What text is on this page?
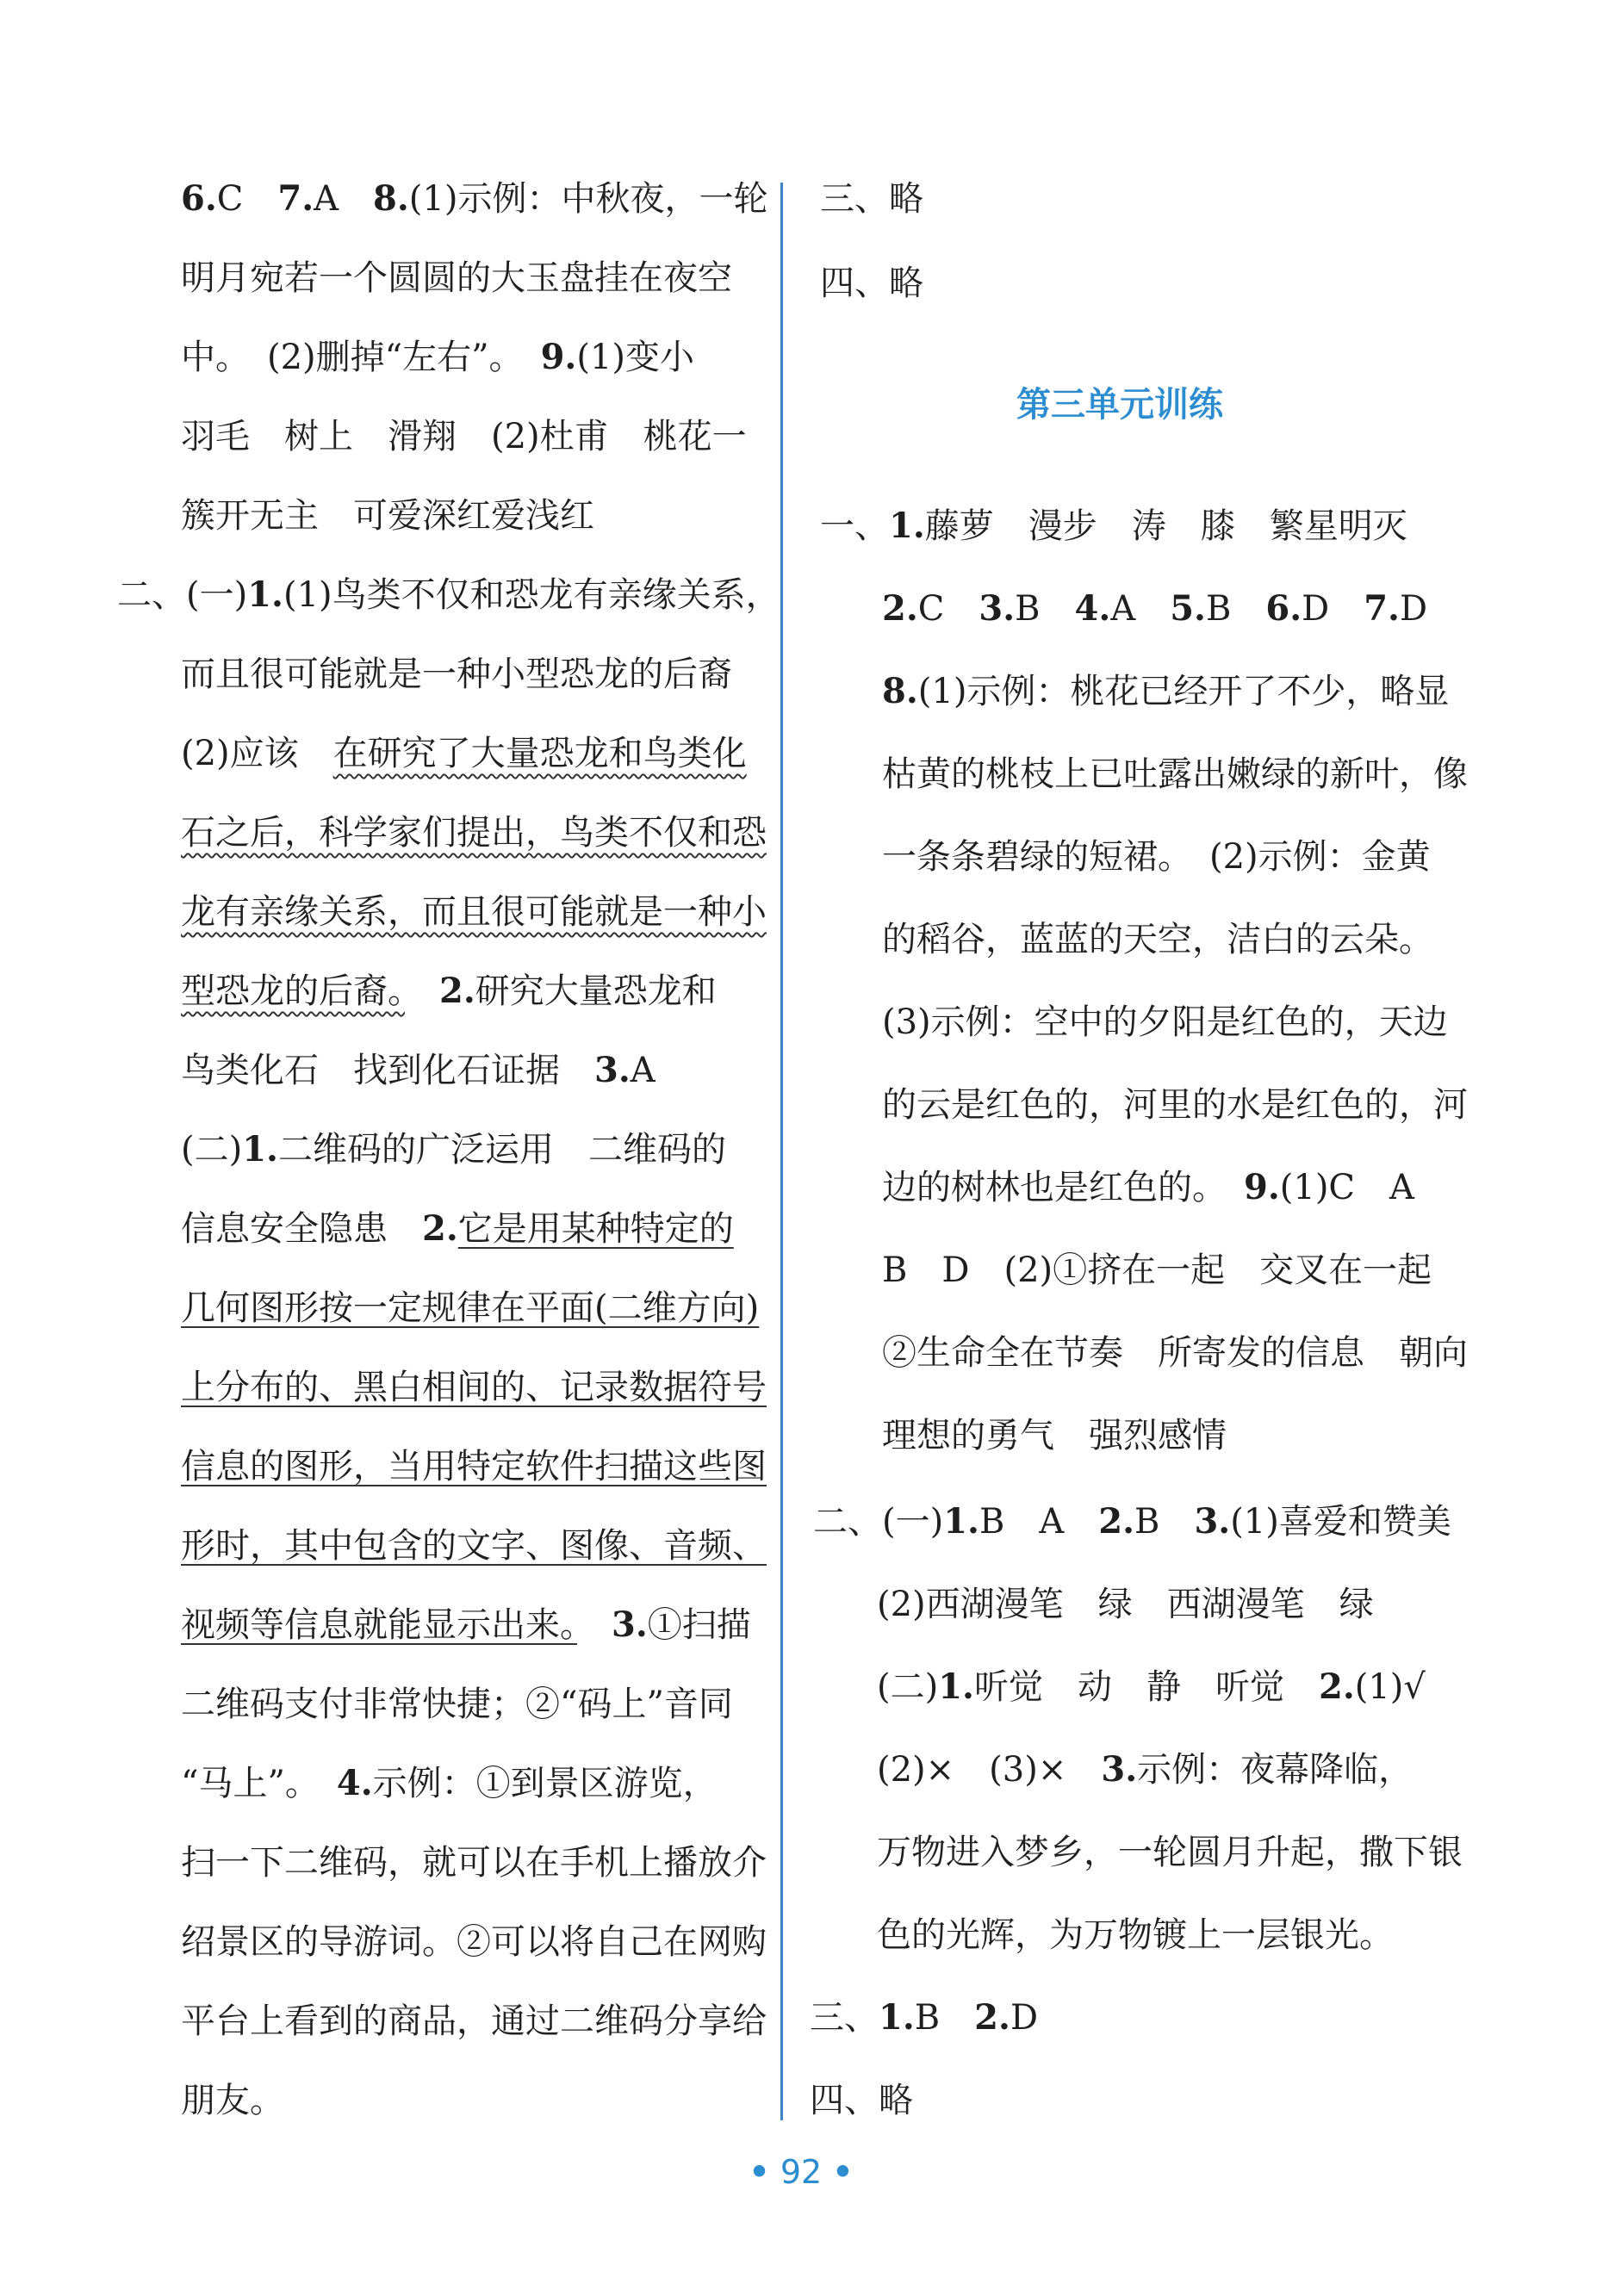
6.C　7.A　8.(1)示例：中秋夜，一轮
明月宛若一个圆圆的大玉盘挂在夜空
中。　(2)删掉“左右”。　9.(1)变小
羽毛　树上　滑翔　(2)杜甫　桃花一
簇开无主　可爱深红爱浅红
二、(一)1.(1)鸟类不仅和恐龙有亲缘关系，
而且很可能就是一种小型恐龙的后裔
(2)应该　在研究了大量恐龙和鸟类化
石之后，科学家们提出，鸟类不仅和恐
龙有亲缘关系，而且很可能就是一种小
型恐龙的后裔。　 2.研究大量恐龙和
鸟类化石　找到化石证据　3.A
(二)1.二维码的广泛运用　二维码的
信息安全隐患　2.它是用某种特定的
几何图形按一定规律在平面(二维方向)
上分布的、黑白相间的、记录数据符号
信息的图形，当用特定软件扫描这些图
形时，其中包含的文字、图像、音频、
视频等信息就能显示出来。　 3.①扫描
二维码支付非常快捷；②“码上”音同
“马上”。　4.示例：①到景区游览，
扫一下二维码，就可以在手机上播放介
绍景区的导游词。②可以将自己在网购
平台上看到的商品，通过二维码分享给
朋友。
三、略
四、略
第三单元训练
一、1.藤萝　漫步　涛　膝　繁星明灭
2.C　3.B　4.A　5.B　6.D　7.D
8.(1)示例：桃花已经开了不少，略显
枯黄的桃枝上已吐露出嫩绿的新叶，像
一条条碧绿的短裙。　(2)示例：金黄
的稻谷，蓝蓝的天空，洁白的云朵。
(3)示例：空中的夕阳是红色的，天边
的云是红色的，河里的水是红色的，河
边的树林也是红色的。　9.(1)C　A
B　D　(2)①挤在一起　交叉在一起
②生命全在节奏　所寄发的信息　朝向
理想的勇气　强烈感情
二、(一)1.B　A　2.B　3.(1)喜爱和赞美
(2)西湖漫笔　绿　西湖漫笔　绿
(二)1.听觉　动　静　听觉　2.(1)√
(2)×　(3)×　3.示例：夜幕降临，
万物进入梦乡，一轮圆月升起，撒下银
色的光辉，为万物镀上一层银光。
三、1.B　2.D
四、略
• 92 •
